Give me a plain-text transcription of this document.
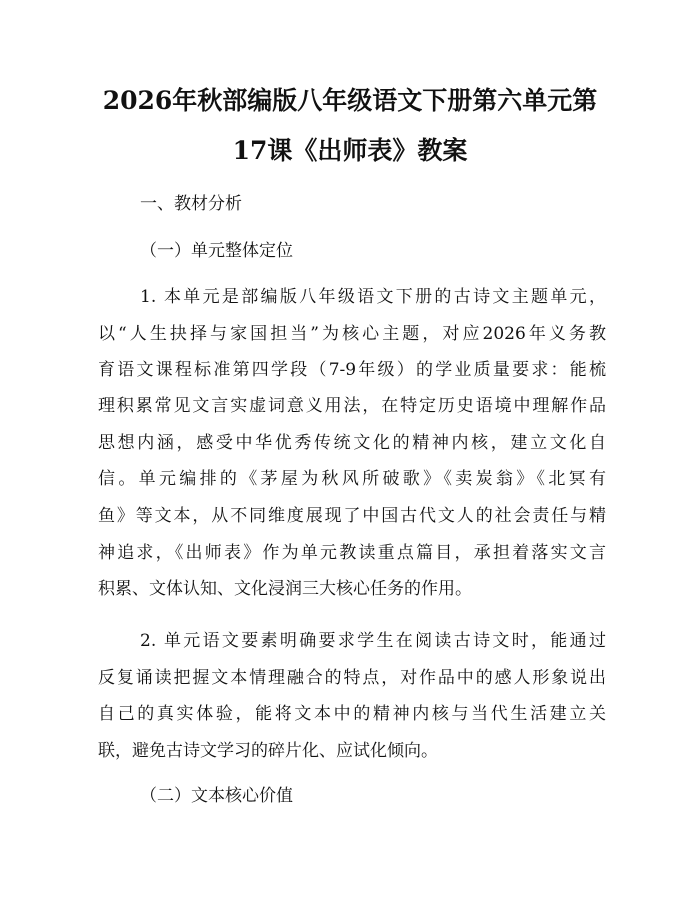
2026年秋部编版八年级语文下册第六单元第
17课《出师表》教案
一、教材分析
（一）单元整体定位
1. 本单元是部编版八年级语文下册的古诗文主题单元，
以“人生抉择与家国担当”为核心主题，对应2026年义务教
育语文课程标准第四学段（7-9年级）的学业质量要求：能梳
理积累常见文言实虚词意义用法，在特定历史语境中理解作品
思想内涵，感受中华优秀传统文化的精神内核，建立文化自
信。单元编排的《茅屋为秋风所破歌》《卖炭翁》《北冥有
鱼》等文本，从不同维度展现了中国古代文人的社会责任与精
神追求，《出师表》作为单元教读重点篇目，承担着落实文言
积累、文体认知、文化浸润三大核心任务的作用。
2. 单元语文要素明确要求学生在阅读古诗文时，能通过
反复诵读把握文本情理融合的特点，对作品中的感人形象说出
自己的真实体验，能将文本中的精神内核与当代生活建立关
联，避免古诗文学习的碎片化、应试化倾向。
（二）文本核心价值
